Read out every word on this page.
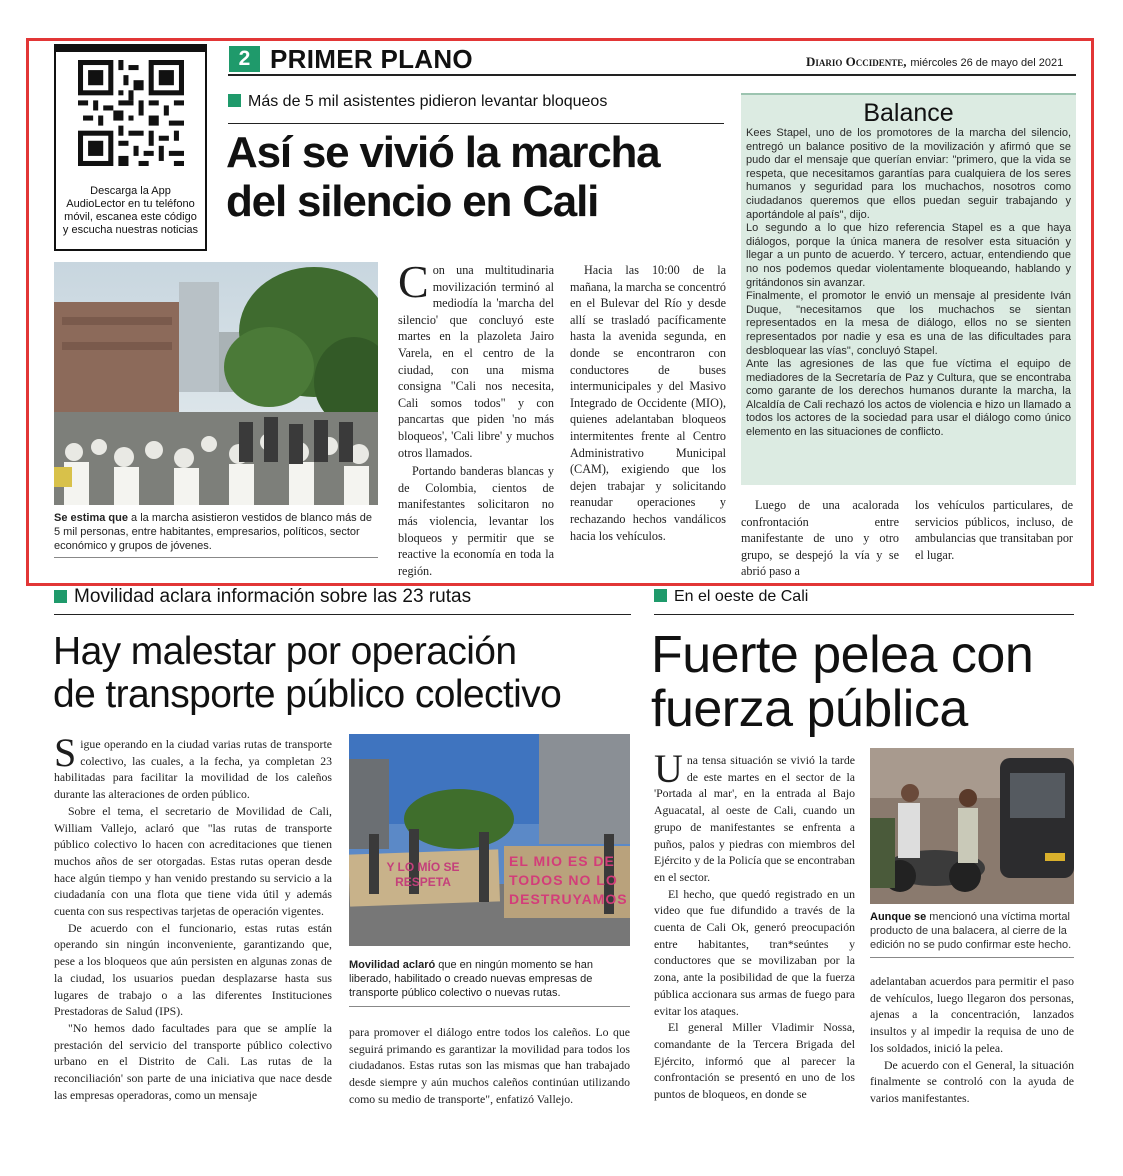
2 PRIMER PLANO	Diario Occidente, miércoles 26 de mayo del 2021
Descarga la App AudioLector en tu teléfono móvil, escanea este código y escucha nuestras noticias
Más de 5 mil asistentes pidieron levantar bloqueos
Así se vivió la marcha
del silencio en Cali
Se estima que a la marcha asistieron vestidos de blanco más de 5 mil personas, entre habitantes, empresarios, políticos, sector económico y grupos de jóvenes.

Con una multitudinaria movilización terminó al mediodía la 'marcha del silencio' que concluyó este martes en la plazoleta Jairo Varela, en el centro de la ciudad, con una misma consigna "Cali nos necesita, Cali somos todos" y con pancartas que piden 'no más bloqueos', 'Cali libre' y muchos otros llamados.

Portando banderas blancas y de Colombia, cientos de manifestantes solicitaron no más violencia, levantar los bloqueos y permitir que se reactive la economía en toda la región.

Hacia las 10:00 de la mañana, la marcha se concentró en el Bulevar del Río y desde allí se trasladó pacíficamente hasta la avenida segunda, en donde se encontraron con conductores de buses intermunicipales y del Masivo Integrado de Occidente (MIO), quienes adelantaban bloqueos intermitentes frente al Centro Administrativo Municipal (CAM), exigiendo que los dejen trabajar y solicitando reanudar operaciones y rechazando hechos vandálicos hacia los vehículos.

Balance

Kees Stapel, uno de los promotores de la marcha del silencio, entregó un balance positivo de la movilización y afirmó que se pudo dar el mensaje que querían enviar: "primero, que la vida se respeta, que necesitamos garantías para cualquiera de los seres humanos y seguridad para los muchachos, nosotros como ciudadanos queremos que ellos puedan seguir trabajando y aportándole al país", dijo.

Lo segundo a lo que hizo referencia Stapel es a que haya diálogos, porque la única manera de resolver esta situación y llegar a un punto de acuerdo. Y tercero, actuar, entendiendo que no nos podemos quedar violentamente bloqueando, hablando y gritándonos sin avanzar.

Finalmente, el promotor le envió un mensaje al presidente Iván Duque, "necesitamos que los muchachos se sientan representados en la mesa de diálogo, ellos no se sienten representados por nadie y esa es una de las dificultades para desbloquear las vías", concluyó Stapel.

Ante las agresiones de las que fue víctima el equipo de mediadores de la Secretaría de Paz y Cultura, que se encontraba como garante de los derechos humanos durante la marcha, la Alcaldía de Cali rechazó los actos de violencia e hizo un llamado a todos los actores de la sociedad para usar el diálogo como único elemento en las situaciones de conflicto.

Luego de una acalorada confrontación entre manifestante de uno y otro grupo, se despejó la vía y se abrió paso a

los vehículos particulares, de servicios públicos, incluso, de ambulancias que transitaban por el lugar.

Movilidad aclara información sobre las 23 rutas
Hay malestar por operación
de transporte público colectivo

Sigue operando en la ciudad varias rutas de transporte colectivo, las cuales, a la fecha, ya completan 23 habilitadas para facilitar la movilidad de los caleños durante las alteraciones de orden público.

Sobre el tema, el secretario de Movilidad de Cali, William Vallejo, aclaró que "las rutas de transporte público colectivo lo hacen con acreditaciones que tienen muchos años de ser otorgadas. Estas rutas operan desde hace algún tiempo y han venido prestando su servicio a la ciudadanía con una flota que tiene vida útil y además cuenta con sus respectivas tarjetas de operación vigentes.

De acuerdo con el funcionario, estas rutas están operando sin ningún inconveniente, garantizando que, pese a los bloqueos que aún persisten en algunas zonas de la ciudad, los usuarios puedan desplazarse hasta sus lugares de trabajo o a las diferentes Instituciones Prestadoras de Salud (IPS).

"No hemos dado facultades para que se amplíe la prestación del servicio del transporte público colectivo urbano en el Distrito de Cali. Las rutas de la reconciliación' son parte de una iniciativa que nace desde las empresas operadoras, como un mensaje

Y LO MÍO SE RESPETA
EL MIO ES DE
TODOS NO LO
DESTRUYAMOS
Movilidad aclaró que en ningún momento se han liberado, habilitado o creado nuevas empresas de transporte público colectivo o nuevas rutas.

para promover el diálogo entre todos los caleños. Lo que seguirá primando es garantizar la movilidad para todos los ciudadanos. Estas rutas son las mismas que han trabajado desde siempre y aún muchos caleños continúan utilizando como su medio de transporte", enfatizó Vallejo.

En el oeste de Cali
Fuerte pelea con
fuerza pública

Una tensa situación se vivió la tarde de este martes en el sector de la 'Portada al mar', en la entrada al Bajo Aguacatal, al oeste de Cali, cuando un grupo de manifestantes se enfrenta a puños, palos y piedras con miembros del Ejército y de la Policía que se encontraban en el sector.

El hecho, que quedó registrado en un video que fue difundido a través de la cuenta de Cali Ok, generó preocupación entre habitantes, tran*seúntes y conductores que se movilizaban por la zona, ante la posibilidad de que la fuerza pública accionara sus armas de fuego para evitar los ataques.

El general Miller Vladimir Nossa, comandante de la Tercera Brigada del Ejército, informó que al parecer la confrontación se presentó en uno de los puntos de bloqueos, en donde se

Aunque se mencionó una víctima mortal producto de una balacera, al cierre de la edición no se pudo confirmar este hecho.

adelantaban acuerdos para permitir el paso de vehículos, luego llegaron dos personas, ajenas a la concentración, lanzados insultos y al impedir la requisa de uno de los soldados, inició la pelea.

De acuerdo con el General, la situación finalmente se controló con la ayuda de varios manifestantes.
